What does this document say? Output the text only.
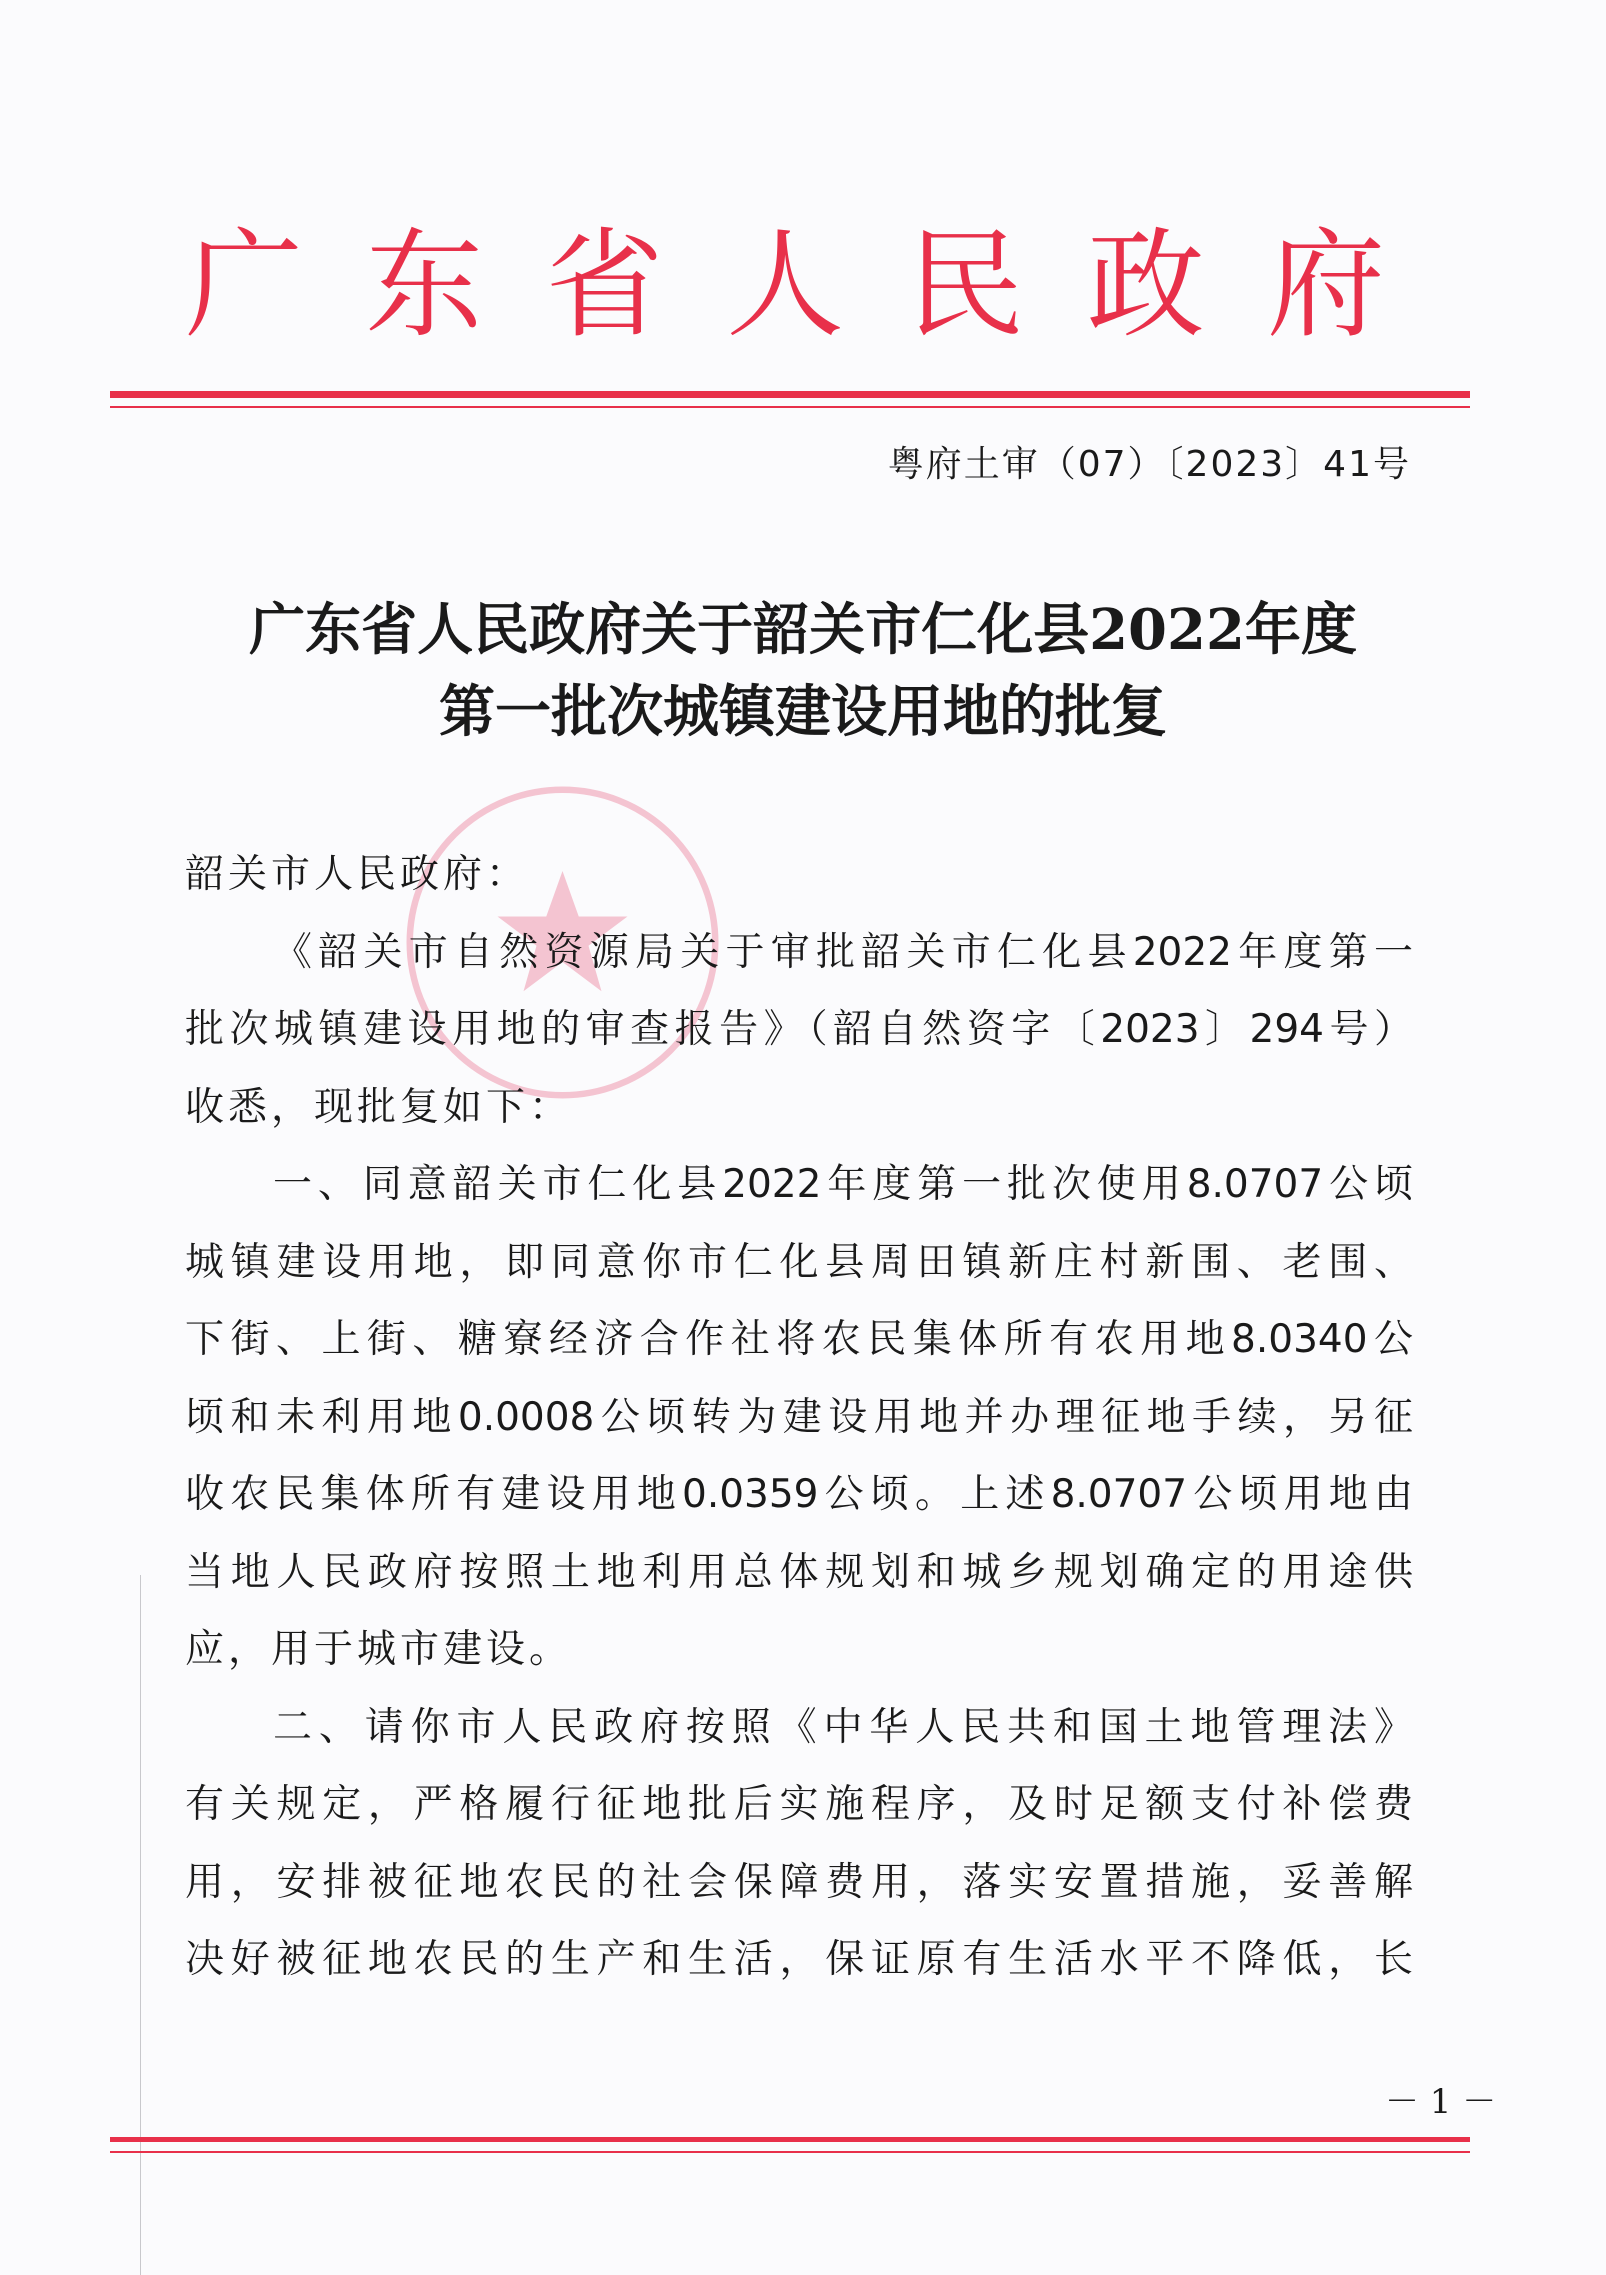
广 东 省 人 民 政 府
粤府土审（07）〔2023〕41号
广东省人民政府关于韶关市仁化县2022年度
第一批次城镇建设用地的批复
韶关市人民政府：
《韶关市自然资源局关于审批韶关市仁化县2022年度第一
批次城镇建设用地的审查报告》（韶自然资字〔2023〕294号）
收悉，现批复如下：
一、同意韶关市仁化县2022年度第一批次使用8.0707公顷
城镇建设用地，即同意你市仁化县周田镇新庄村新围、老围、
下街、上街、糖寮经济合作社将农民集体所有农用地8.0340公
顷和未利用地0.0008公顷转为建设用地并办理征地手续，另征
收农民集体所有建设用地0.0359公顷。上述8.0707公顷用地由
当地人民政府按照土地利用总体规划和城乡规划确定的用途供
应，用于城市建设。
二、请你市人民政府按照《中华人民共和国土地管理法》
有关规定，严格履行征地批后实施程序，及时足额支付补偿费
用，安排被征地农民的社会保障费用，落实安置措施，妥善解
决好被征地农民的生产和生活，保证原有生活水平不降低，长
－ 1 －
